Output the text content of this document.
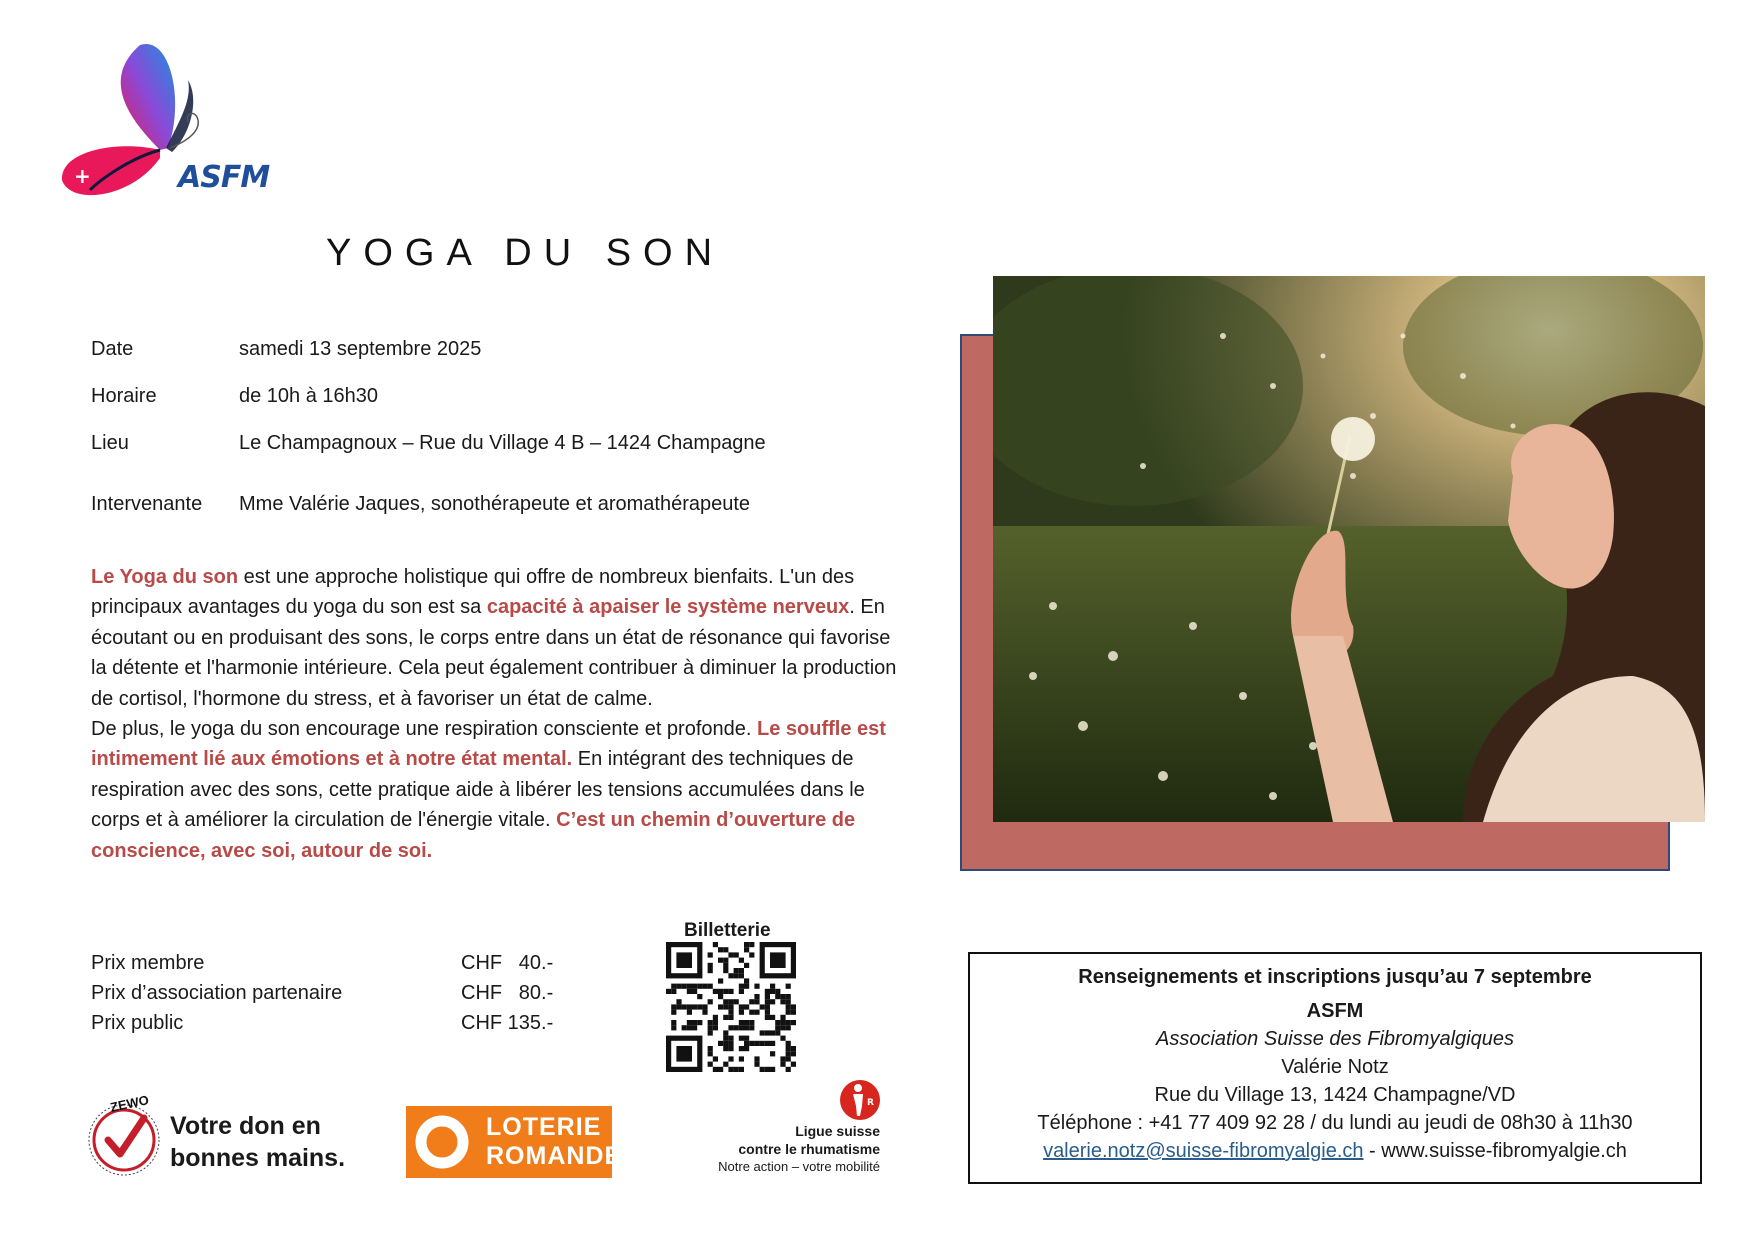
+	ASFM
YOGA DU SON
Date	samedi 13 septembre 2025
Horaire	de 10h à 16h30
Lieu	Le Champagnoux – Rue du Village 4 B – 1424 Champagne
Intervenante Mme Valérie Jaques, sonothérapeute et aromathérapeute
Le Yoga du son est une approche holistique qui offre de nombreux bienfaits. L'un des principaux avantages du yoga du son est sa capacité à apaiser le système nerveux. En écoutant ou en produisant des sons, le corps entre dans un état de résonance qui favorise la détente et l'harmonie intérieure. Cela peut également contribuer à diminuer la production de cortisol, l'hormone du stress, et à favoriser un état de calme.
De plus, le yoga du son encourage une respiration consciente et profonde. Le souffle est intimement lié aux émotions et à notre état mental. En intégrant des techniques de respiration avec des sons, cette pratique aide à libérer les tensions accumulées dans le corps et à améliorer la circulation de l'énergie vitale. C’est un chemin d’ouverture de conscience, avec soi, autour de soi.
Prix membre	CHF   40.-
Prix d’association partenaire	CHF   80.-
Prix public	CHF 135.-
Billetterie
Renseignements et inscriptions jusqu’au 7 septembre
ASFM
Association Suisse des Fibromyalgiques
Valérie Notz
Rue du Village 13, 1424 Champagne/VD
Téléphone : +41 77 409 92 28 / du lundi au jeudi de 08h30 à 11h30
valerie.notz@suisse-fibromyalgie.ch - www.suisse-fibromyalgie.ch
ZEWO
Votre don en
bonnes mains.
LOTERIE
ROMANDE
R
Ligue suisse
contre le rhumatisme
Notre action – votre mobilité
